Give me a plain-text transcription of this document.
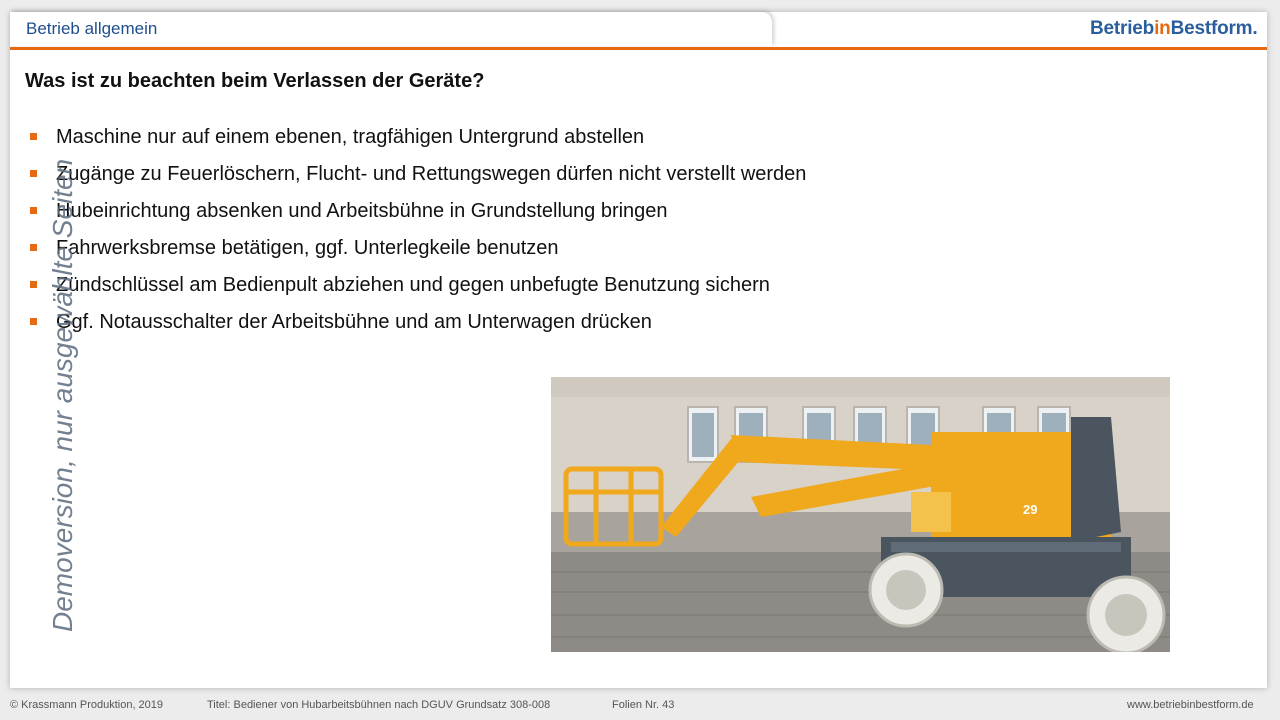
Betrieb allgemein	BetriebinBestform.
Was ist zu beachten beim Verlassen der Geräte?
Maschine nur auf einem ebenen, tragfähigen Untergrund abstellen
Zugänge zu Feuerlöschern, Flucht- und Rettungswegen dürfen nicht verstellt werden
Hubeinrichtung absenken und Arbeitsbühne in Grundstellung bringen
Fahrwerksbremse betätigen, ggf. Unterlegkeile benutzen
Zündschlüssel am Bedienpult abziehen und gegen unbefugte Benutzung sichern
Ggf. Notausschalter der Arbeitsbühne und am Unterwagen drücken
29
Demoversion, nur ausgewählte Seiten
© Krassmann Produktion, 2019	Titel: Bediener von Hubarbeitsbühnen nach DGUV Grundsatz 308-008	Folien Nr. 43	www.betriebinbestform.de
